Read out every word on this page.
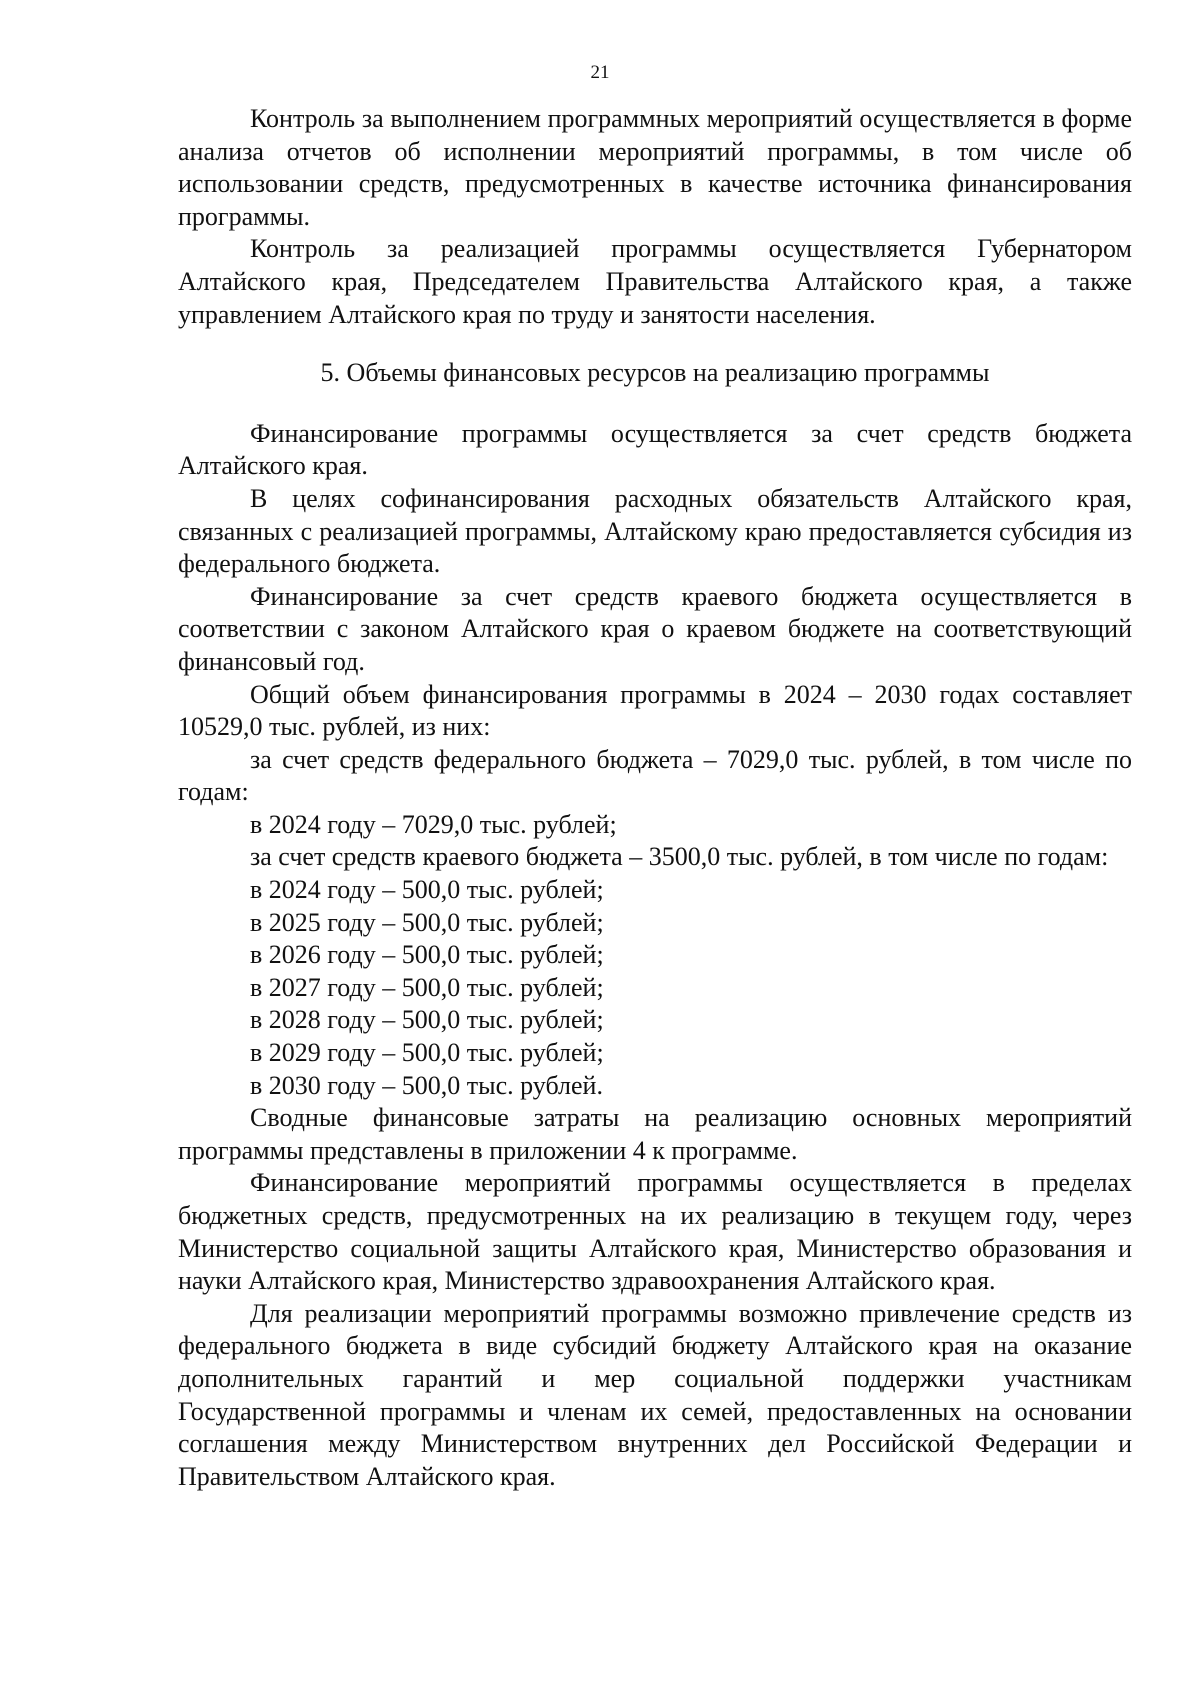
21

Контроль за выполнением программных мероприятий осуществляется в форме анализа отчетов об исполнении мероприятий программы, в том числе об использовании средств, предусмотренных в качестве источника финансирования программы.

Контроль за реализацией программы осуществляется Губернатором Алтайского края, Председателем Правительства Алтайского края, а также управлением Алтайского края по труду и занятости населения.

5. Объемы финансовых ресурсов на реализацию программы

Финансирование программы осуществляется за счет средств бюджета Алтайского края.

В целях софинансирования расходных обязательств Алтайского края, связанных с реализацией программы, Алтайскому краю предоставляется субсидия из федерального бюджета.

Финансирование за счет средств краевого бюджета осуществляется в соответствии с законом Алтайского края о краевом бюджете на соответствующий финансовый год.

Общий объем финансирования программы в 2024 – 2030 годах составляет 10529,0 тыс. рублей, из них:

за счет средств федерального бюджета – 7029,0 тыс. рублей, в том числе по годам:

в 2024 году – 7029,0 тыс. рублей;

за счет средств краевого бюджета – 3500,0 тыс. рублей, в том числе по годам:

в 2024 году – 500,0 тыс. рублей;

в 2025 году – 500,0 тыс. рублей;

в 2026 году – 500,0 тыс. рублей;

в 2027 году – 500,0 тыс. рублей;

в 2028 году – 500,0 тыс. рублей;

в 2029 году – 500,0 тыс. рублей;

в 2030 году – 500,0 тыс. рублей.

Сводные финансовые затраты на реализацию основных мероприятий программы представлены в приложении 4 к программе.

Финансирование мероприятий программы осуществляется в пределах бюджетных средств, предусмотренных на их реализацию в текущем году, через Министерство социальной защиты Алтайского края, Министерство образования и науки Алтайского края, Министерство здравоохранения Алтайского края.

Для реализации мероприятий программы возможно привлечение средств из федерального бюджета в виде субсидий бюджету Алтайского края на оказание дополнительных гарантий и мер социальной поддержки участникам Государственной программы и членам их семей, предоставленных на основании соглашения между Министерством внутренних дел Российской Федерации и Правительством Алтайского края.
